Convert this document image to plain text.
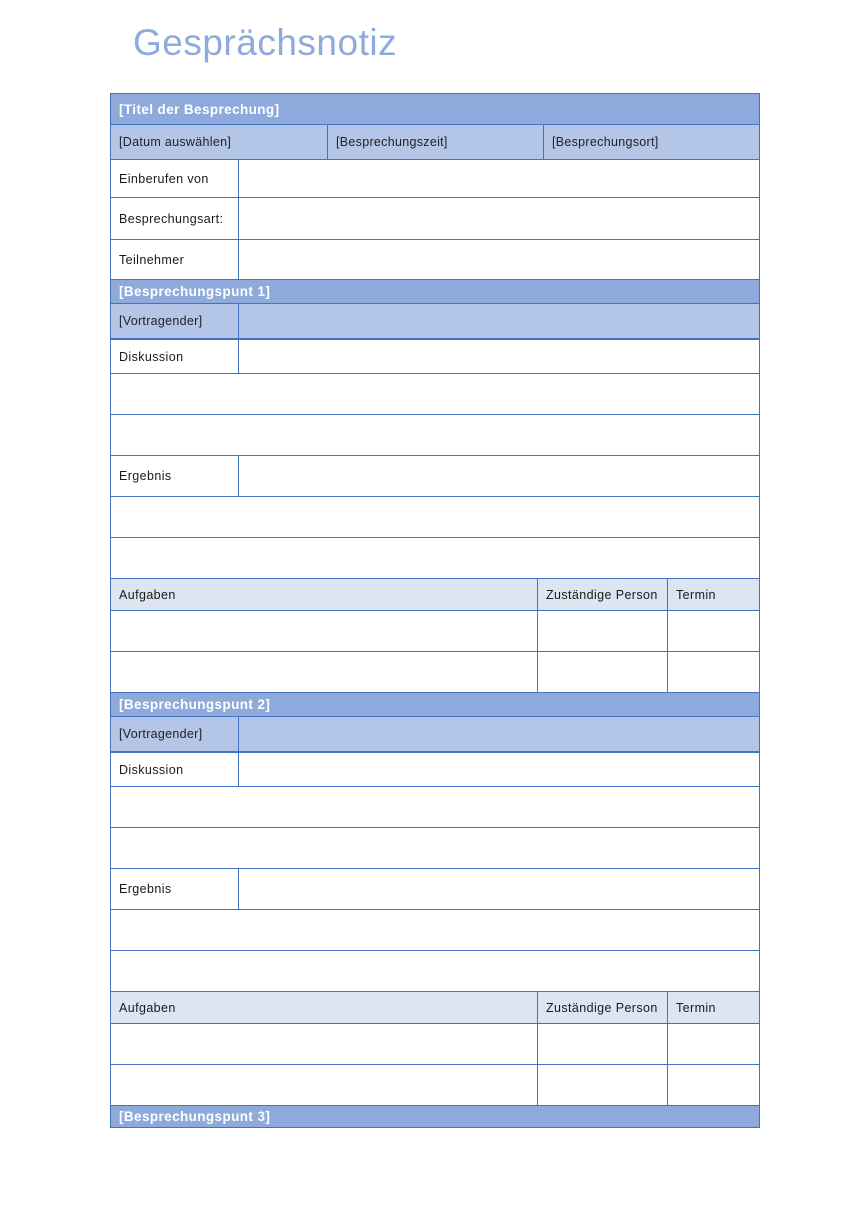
Gesprächsnotiz
[Titel der Besprechung]
[Datum auswählen]	[Besprechungszeit]	[Besprechungsort]
Einberufen von
Besprechungsart:
Teilnehmer
[Besprechungspunt 1]
[Vortragender]
Diskussion
Ergebnis
Aufgaben	Zuständige Person	Termin
[Besprechungspunt 2]
[Vortragender]
Diskussion
Ergebnis
Aufgaben	Zuständige Person	Termin
[Besprechungspunt 3]
